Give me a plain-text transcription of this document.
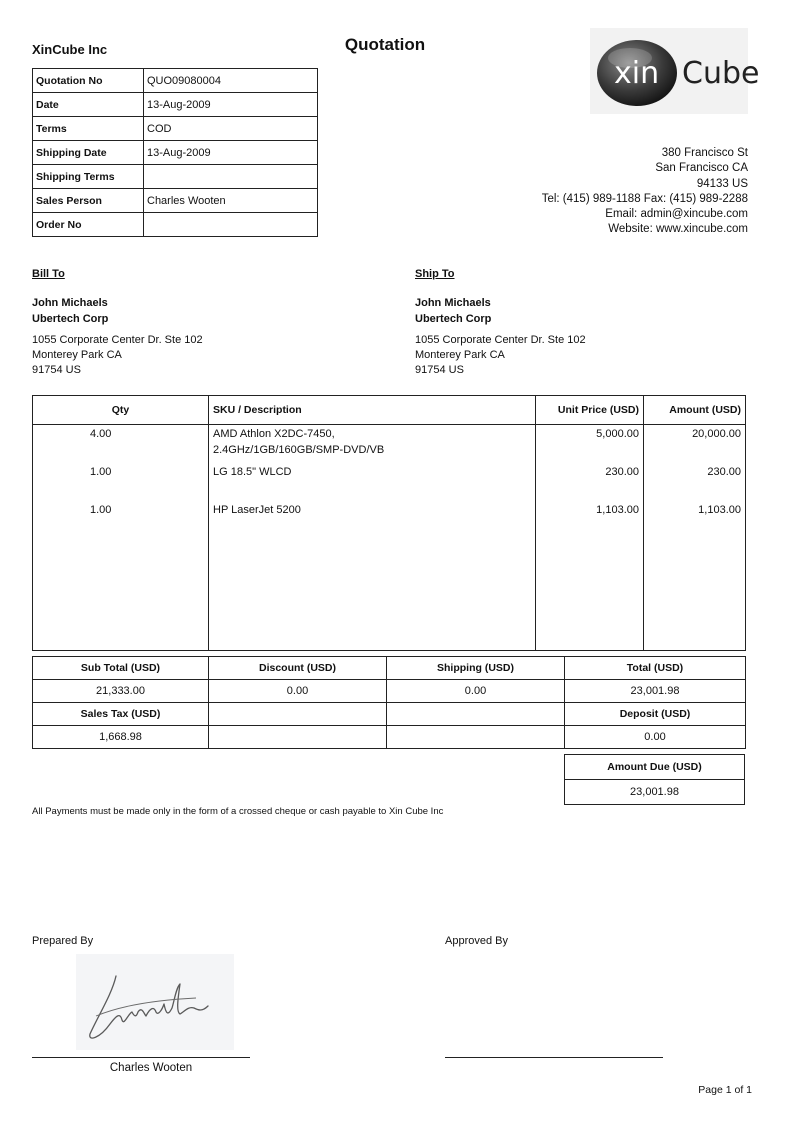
XinCube Inc	Quotation
Quotation No	QUO09080004
Date	13-Aug-2009
Terms	COD
Shipping Date	13-Aug-2009
Shipping Terms	
Sales Person	Charles Wooten
Order No	
xin Cube
380 Francisco St
San Francisco CA
94133 US
Tel: (415) 989-1188 Fax: (415) 989-2288
Email: admin@xincube.com
Website: www.xincube.com
Bill To
John Michaels
Ubertech Corp
1055 Corporate Center Dr. Ste 102
Monterey Park CA
91754 US
Ship To
John Michaels
Ubertech Corp
1055 Corporate Center Dr. Ste 102
Monterey Park CA
91754 US
Qty	SKU / Description	Unit Price (USD)	Amount (USD)
4.00	AMD Athlon X2DC-7450,
2.4GHz/1GB/160GB/SMP-DVD/VB	5,000.00	20,000.00
1.00	LG 18.5" WLCD	230.00	230.00
1.00	HP LaserJet 5200	1,103.00	1,103.00

Sub Total (USD)	Discount (USD)	Shipping (USD)	Total (USD)
21,333.00	0.00	0.00	23,001.98
Sales Tax (USD)			Deposit (USD)
1,668.98			0.00
Amount Due (USD)
23,001.98
All Payments must be made only in the form of a crossed cheque or cash payable to Xin Cube Inc
Prepared By	Approved By
Charles Wooten
Page 1 of 1
